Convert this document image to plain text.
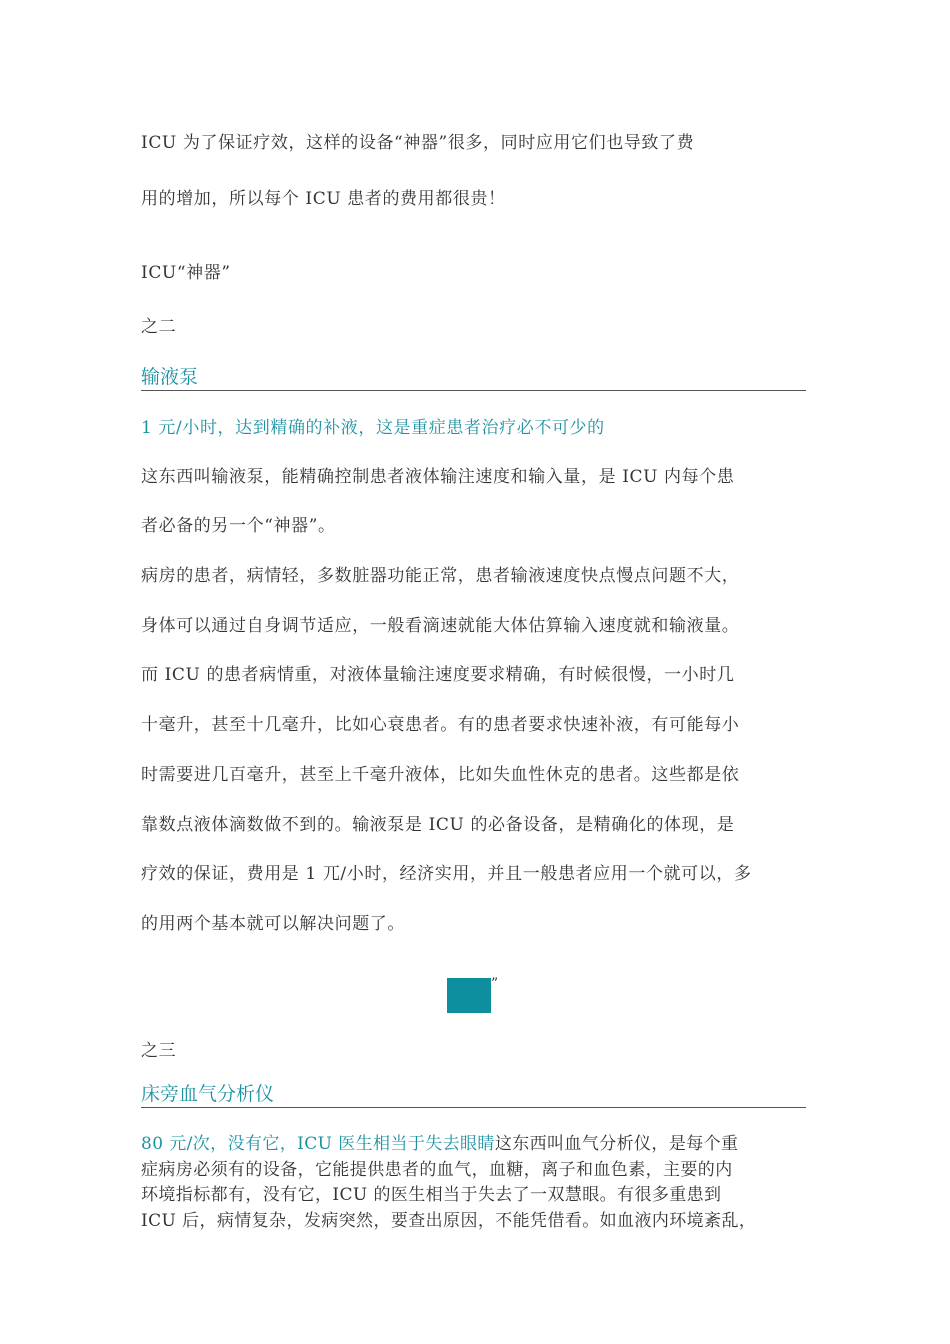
ICU 为了保证疗效，这样的设备“神器”很多，同时应用它们也导致了费
用的增加，所以每个 ICU 患者的费用都很贵！
ICU“神器”
之二
输液泵
1 元/小时，达到精确的补液，这是重症患者治疗必不可少的
这东西叫输液泵，能精确控制患者液体输注速度和输入量，是 ICU 内每个患
者必备的另一个“神器”。
病房的患者，病情轻，多数脏器功能正常，患者输液速度快点慢点问题不大，
身体可以通过自身调节适应，一般看滴速就能大体估算输入速度就和输液量。
而 ICU 的患者病情重，对液体量输注速度要求精确，有时候很慢，一小时几
十毫升，甚至十几毫升，比如心衰患者。有的患者要求快速补液，有可能每小
时需要进几百毫升，甚至上千毫升液体，比如失血性休克的患者。这些都是依
靠数点液体滴数做不到的。输液泵是 ICU 的必备设备，是精确化的体现，是
疗效的保证，费用是 1 兀/小时，经济实用，并且一般患者应用一个就可以，多
的用两个基本就可以解决问题了。
”
之三
床旁血气分析仪
80 元/次，没有它，ICU 医生相当于失去眼睛这东西叫血气分析仪，是每个重
症病房必须有的设备，它能提供患者的血气，血糖，离子和血色素，主要的内
环境指标都有，没有它，ICU 的医生相当于失去了一双慧眼。有很多重患到
ICU 后，病情复杂，发病突然，要查出原因，不能凭借看。如血液内环境紊乱，
